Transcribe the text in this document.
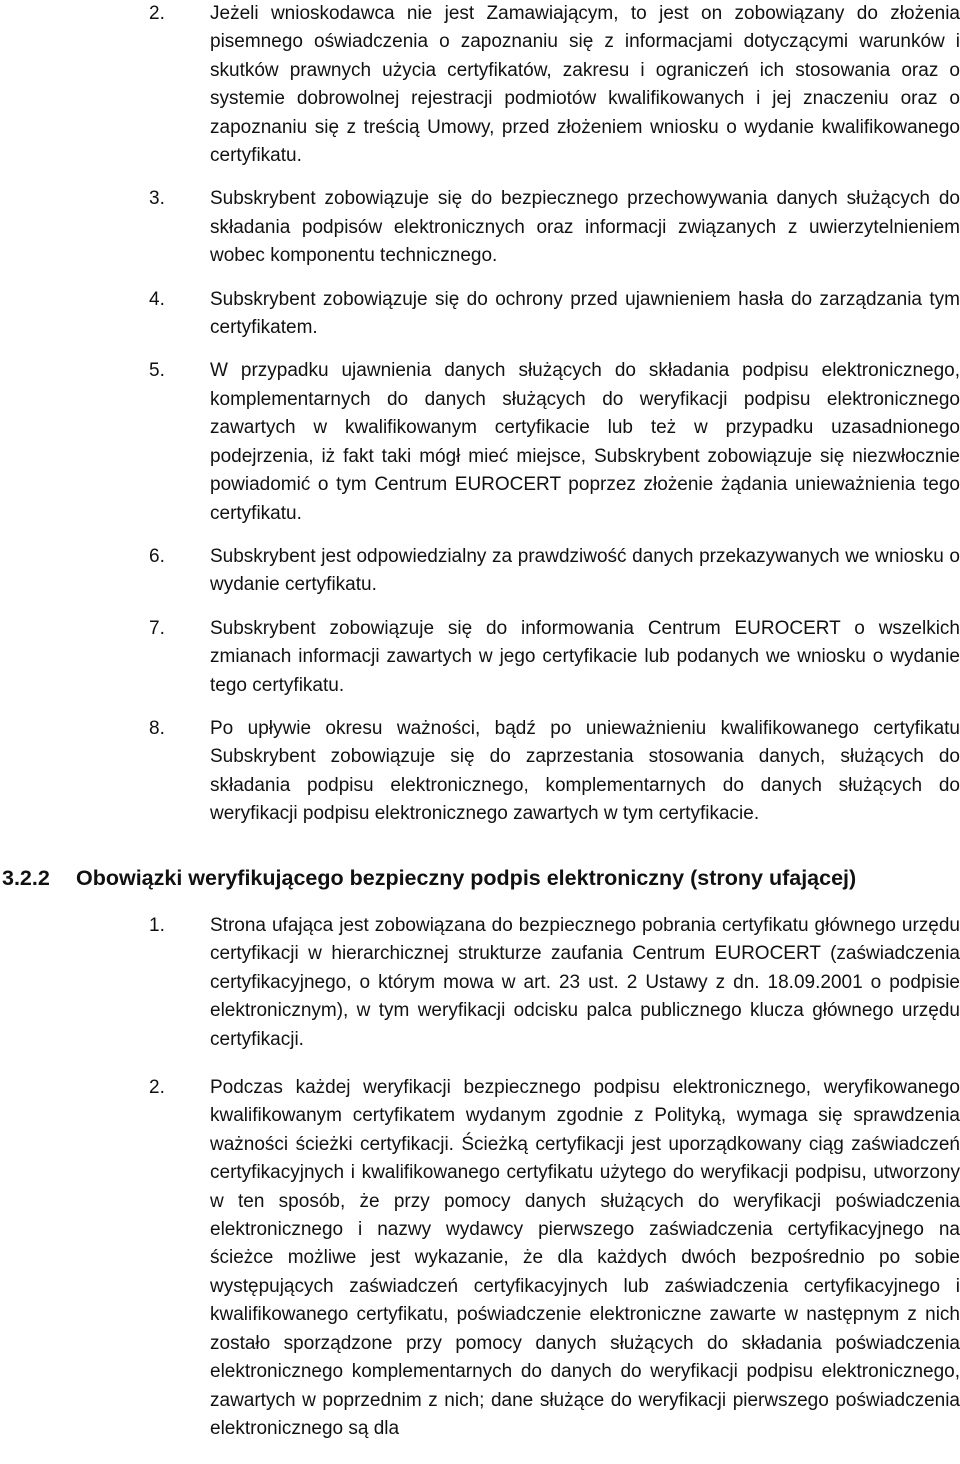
2. Jeżeli wnioskodawca nie jest Zamawiającym, to jest on zobowiązany do złożenia pisemnego oświadczenia o zapoznaniu się z informacjami dotyczącymi warunków i skutków prawnych użycia certyfikatów, zakresu i ograniczeń ich stosowania oraz o systemie dobrowolnej rejestracji podmiotów kwalifikowanych i jej znaczeniu oraz o zapoznaniu się z treścią Umowy, przed złożeniem wniosku o wydanie kwalifikowanego certyfikatu.
3. Subskrybent zobowiązuje się do bezpiecznego przechowywania danych służących do składania podpisów elektronicznych oraz informacji związanych z uwierzytelnieniem wobec komponentu technicznego.
4. Subskrybent zobowiązuje się do ochrony przed ujawnieniem hasła do zarządzania tym certyfikatem.
5. W przypadku ujawnienia danych służących do składania podpisu elektronicznego, komplementarnych do danych służących do weryfikacji podpisu elektronicznego zawartych w kwalifikowanym certyfikacie lub też w przypadku uzasadnionego podejrzenia, iż fakt taki mógł mieć miejsce, Subskrybent zobowiązuje się niezwłocznie powiadomić o tym Centrum EUROCERT poprzez złożenie żądania unieważnienia tego certyfikatu.
6. Subskrybent jest odpowiedzialny za prawdziwość danych przekazywanych we wniosku o wydanie certyfikatu.
7. Subskrybent zobowiązuje się do informowania Centrum EUROCERT o wszelkich zmianach informacji zawartych w jego certyfikacie lub podanych we wniosku o wydanie tego certyfikatu.
8. Po upływie okresu ważności, bądź po unieważnieniu kwalifikowanego certyfikatu Subskrybent zobowiązuje się do zaprzestania stosowania danych, służących do składania podpisu elektronicznego, komplementarnych do danych służących do weryfikacji podpisu elektronicznego zawartych w tym certyfikacie.
3.2.2 Obowiązki weryfikującego bezpieczny podpis elektroniczny (strony ufającej)
1. Strona ufająca jest zobowiązana do bezpiecznego pobrania certyfikatu głównego urzędu certyfikacji w hierarchicznej strukturze zaufania Centrum EUROCERT (zaświadczenia certyfikacyjnego, o którym mowa w art. 23 ust. 2 Ustawy z dn. 18.09.2001 o podpisie elektronicznym), w tym weryfikacji odcisku palca publicznego klucza głównego urzędu certyfikacji.
2. Podczas każdej weryfikacji bezpiecznego podpisu elektronicznego, weryfikowanego kwalifikowanym certyfikatem wydanym zgodnie z Polityką, wymaga się sprawdzenia ważności ścieżki certyfikacji. Ścieżką certyfikacji jest uporządkowany ciąg zaświadczeń certyfikacyjnych i kwalifikowanego certyfikatu użytego do weryfikacji podpisu, utworzony w ten sposób, że przy pomocy danych służących do weryfikacji poświadczenia elektronicznego i nazwy wydawcy pierwszego zaświadczenia certyfikacyjnego na ścieżce możliwe jest wykazanie, że dla każdych dwóch bezpośrednio po sobie występujących zaświadczeń certyfikacyjnych lub zaświadczenia certyfikacyjnego i kwalifikowanego certyfikatu, poświadczenie elektroniczne zawarte w następnym z nich zostało sporządzone przy pomocy danych służących do składania poświadczenia elektronicznego komplementarnych do danych do weryfikacji podpisu elektronicznego, zawartych w poprzednim z nich; dane służące do weryfikacji pierwszego poświadczenia elektronicznego są dla
